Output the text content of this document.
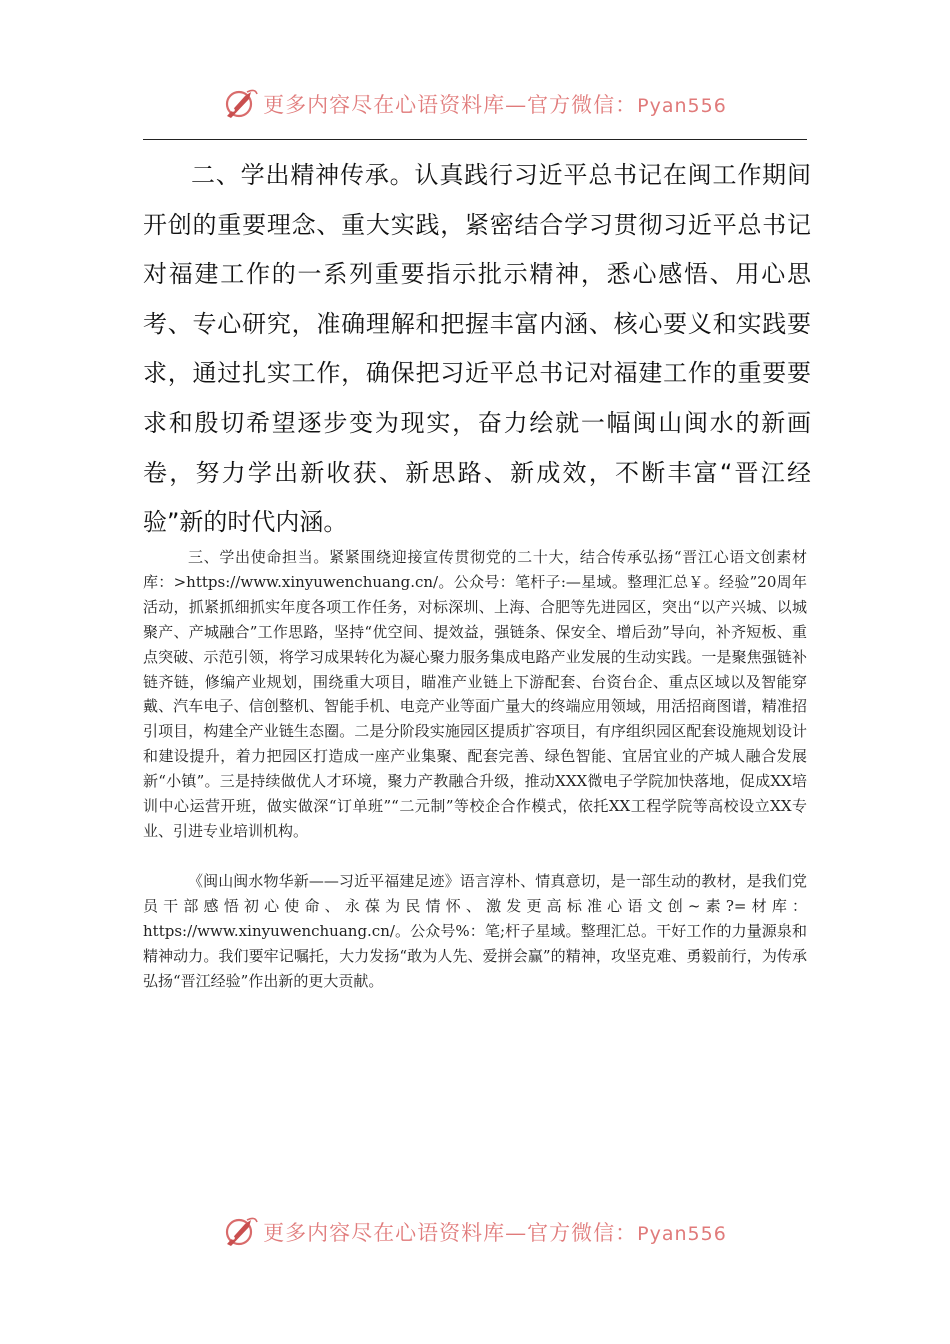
更多内容尽在心语资料库—官方微信：Pyan556

二、学出精神传承。认真践行习近平总书记在闽工作期间开创的重要理念、重大实践，紧密结合学习贯彻习近平总书记对福建工作的一系列重要指示批示精神，悉心感悟、用心思考、专心研究，准确理解和把握丰富内涵、核心要义和实践要求，通过扎实工作，确保把习近平总书记对福建工作的重要要求和殷切希望逐步变为现实，奋力绘就一幅闽山闽水的新画卷，努力学出新收获、新思路、新成效，不断丰富“晋江经验”新的时代内涵。

三、学出使命担当。紧紧围绕迎接宣传贯彻党的二十大，结合传承弘扬“晋江心语文创素材库：>https://www.xinyuwenchuang.cn/。公众号：笔杆子:—星域。整理汇总￥。经验”20周年活动，抓紧抓细抓实年度各项工作任务，对标深圳、上海、合肥等先进园区，突出“以产兴城、以城聚产、产城融合”工作思路，坚持“优空间、提效益，强链条、保安全、增后劲”导向，补齐短板、重点突破、示范引领，将学习成果转化为凝心聚力服务集成电路产业发展的生动实践。一是聚焦强链补链齐链，修编产业规划，围绕重大项目，瞄准产业链上下游配套、台资台企、重点区域以及智能穿戴、汽车电子、信创整机、智能手机、电竞产业等面广量大的终端应用领域，用活招商图谱，精准招引项目，构建全产业链生态圈。二是分阶段实施园区提质扩容项目，有序组织园区配套设施规划设计和建设提升，着力把园区打造成一座产业集聚、配套完善、绿色智能、宜居宜业的产城人融合发展新“小镇”。三是持续做优人才环境，聚力产教融合升级，推动XXX微电子学院加快落地，促成XX培训中心运营开班，做实做深“订单班”“二元制”等校企合作模式，依托XX工程学院等高校设立XX专业、引进专业培训机构。

《闽山闽水物华新——习近平福建足迹》语言淳朴、情真意切，是一部生动的教材，是我们党员干部感悟初心使命、永葆为民情怀、激发更高标准心语文创~素?=材库：https://www.xinyuwenchuang.cn/。公众号%：笔;杆子星域。整理汇总。干好工作的力量源泉和精神动力。我们要牢记嘱托，大力发扬“敢为人先、爱拼会赢”的精神，攻坚克难、勇毅前行，为传承弘扬“晋江经验”作出新的更大贡献。

更多内容尽在心语资料库—官方微信：Pyan556
